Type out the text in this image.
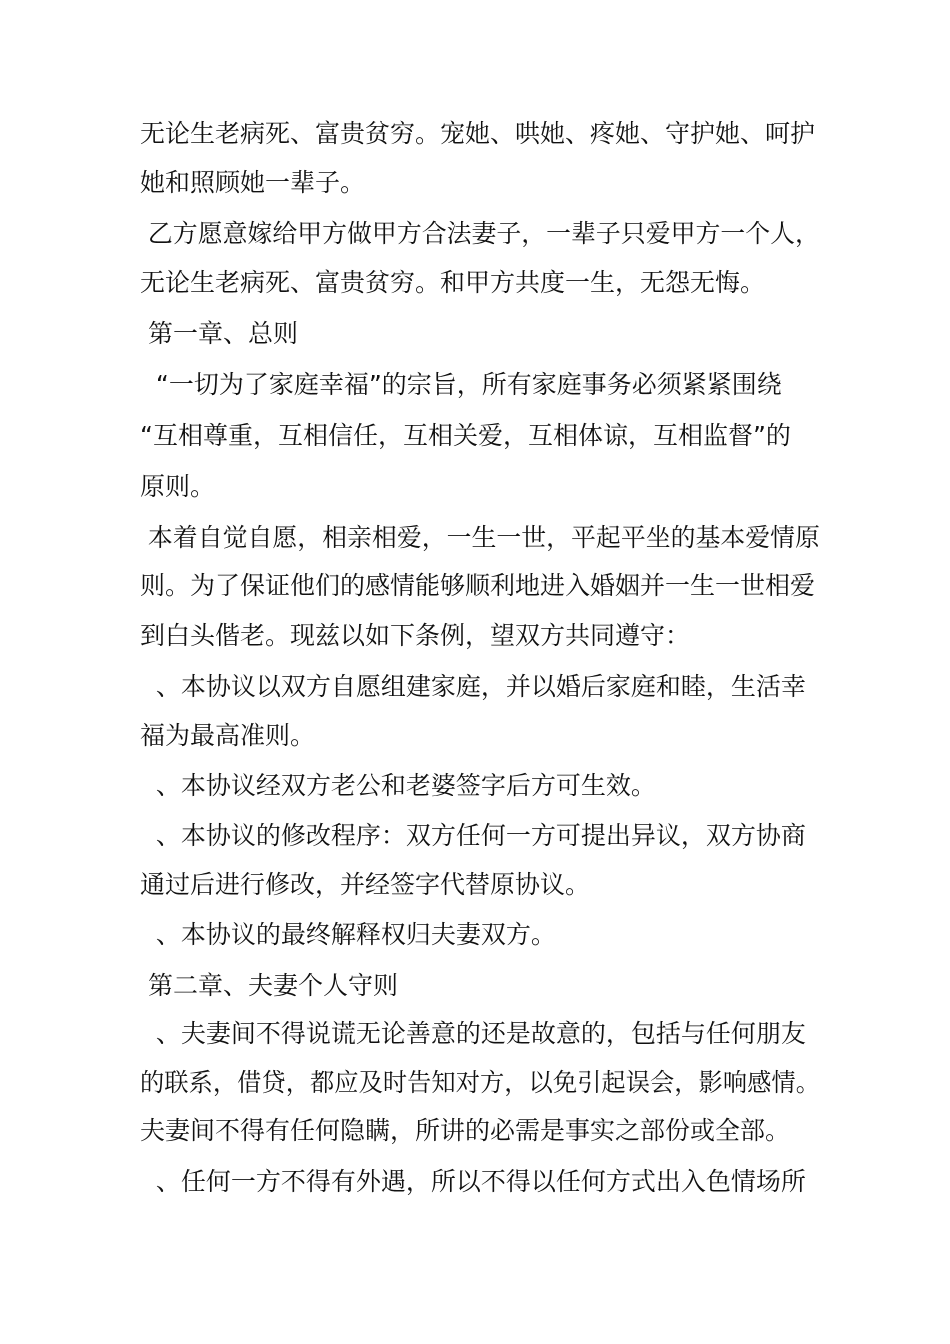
无论生老病死、富贵贫穷。宠她、哄她、疼她、守护她、呵护
她和照顾她一辈子。
乙方愿意嫁给甲方做甲方合法妻子，一辈子只爱甲方一个人，
无论生老病死、富贵贫穷。和甲方共度一生，无怨无悔。
第一章、总则
“一切为了家庭幸福”的宗旨，所有家庭事务必须紧紧围绕
“互相尊重，互相信任，互相关爱，互相体谅，互相监督”的
原则。
本着自觉自愿，相亲相爱，一生一世，平起平坐的基本爱情原
则。为了保证他们的感情能够顺利地进入婚姻并一生一世相爱
到白头偕老。现兹以如下条例，望双方共同遵守：
、本协议以双方自愿组建家庭，并以婚后家庭和睦，生活幸
福为最高准则。
、本协议经双方老公和老婆签字后方可生效。
、本协议的修改程序：双方任何一方可提出异议，双方协商
通过后进行修改，并经签字代替原协议。
、本协议的最终解释权归夫妻双方。
第二章、夫妻个人守则
、夫妻间不得说谎无论善意的还是故意的，包括与任何朋友
的联系，借贷，都应及时告知对方，以免引起误会，影响感情。
夫妻间不得有任何隐瞒，所讲的必需是事实之部份或全部。
、任何一方不得有外遇，所以不得以任何方式出入色情场所
